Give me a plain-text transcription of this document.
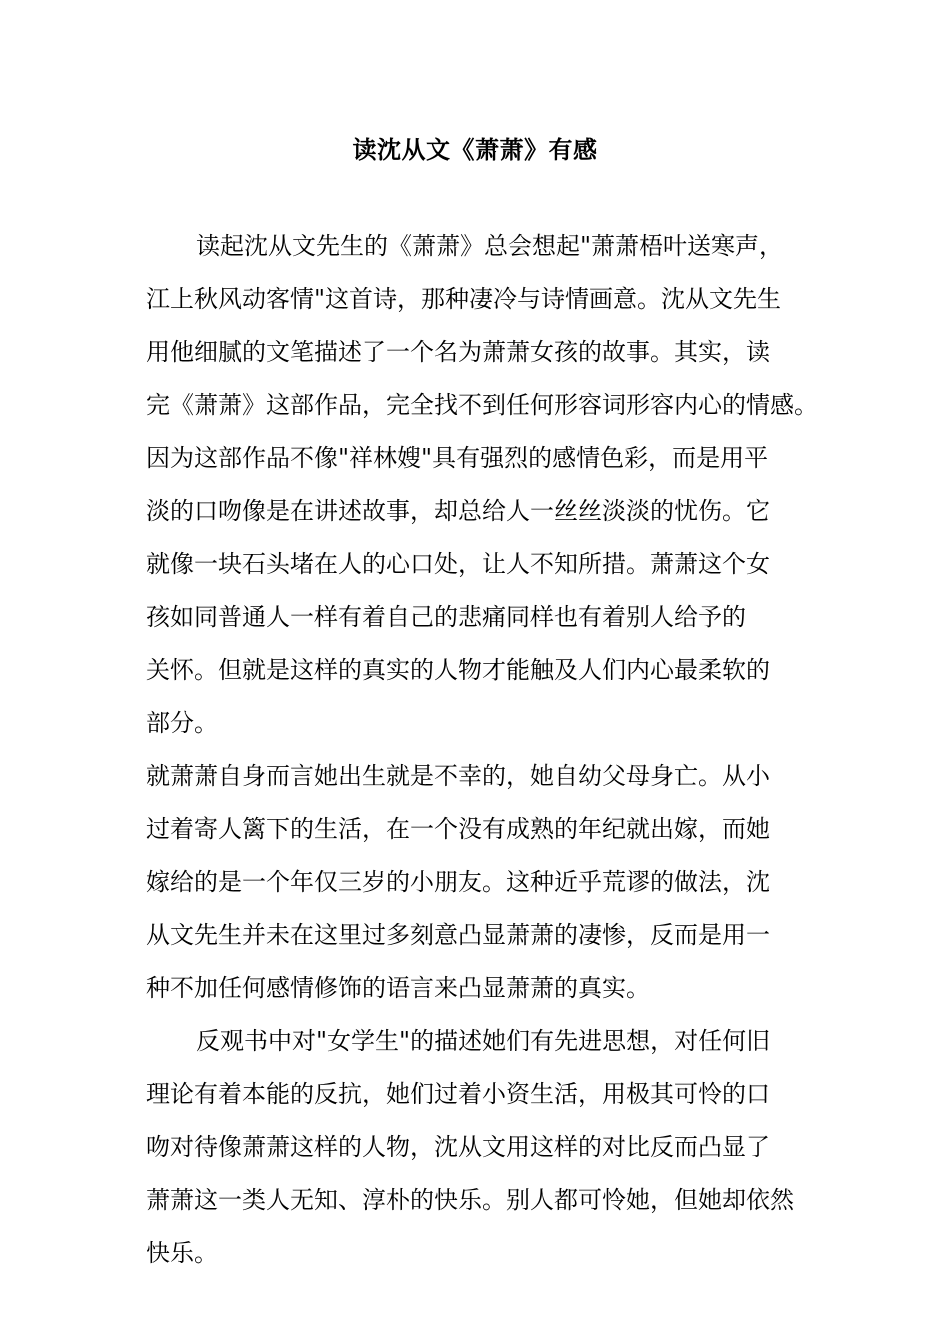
读沈从文《萧萧》有感
读起沈从文先生的《萧萧》总会想起"萧萧梧叶送寒声，
江上秋风动客情"这首诗，那种凄冷与诗情画意。沈从文先生
用他细腻的文笔描述了一个名为萧萧女孩的故事。其实，读
完《萧萧》这部作品，完全找不到任何形容词形容内心的情感。
因为这部作品不像"祥林嫂"具有强烈的感情色彩，而是用平
淡的口吻像是在讲述故事，却总给人一丝丝淡淡的忧伤。它
就像一块石头堵在人的心口处，让人不知所措。萧萧这个女
孩如同普通人一样有着自己的悲痛同样也有着别人给予的
关怀。但就是这样的真实的人物才能触及人们内心最柔软的
部分。
就萧萧自身而言她出生就是不幸的，她自幼父母身亡。从小
过着寄人篱下的生活，在一个没有成熟的年纪就出嫁，而她
嫁给的是一个年仅三岁的小朋友。这种近乎荒谬的做法，沈
从文先生并未在这里过多刻意凸显萧萧的凄惨，反而是用一
种不加任何感情修饰的语言来凸显萧萧的真实。
反观书中对"女学生"的描述她们有先进思想，对任何旧
理论有着本能的反抗，她们过着小资生活，用极其可怜的口
吻对待像萧萧这样的人物，沈从文用这样的对比反而凸显了
萧萧这一类人无知、淳朴的快乐。别人都可怜她，但她却依然
快乐。
